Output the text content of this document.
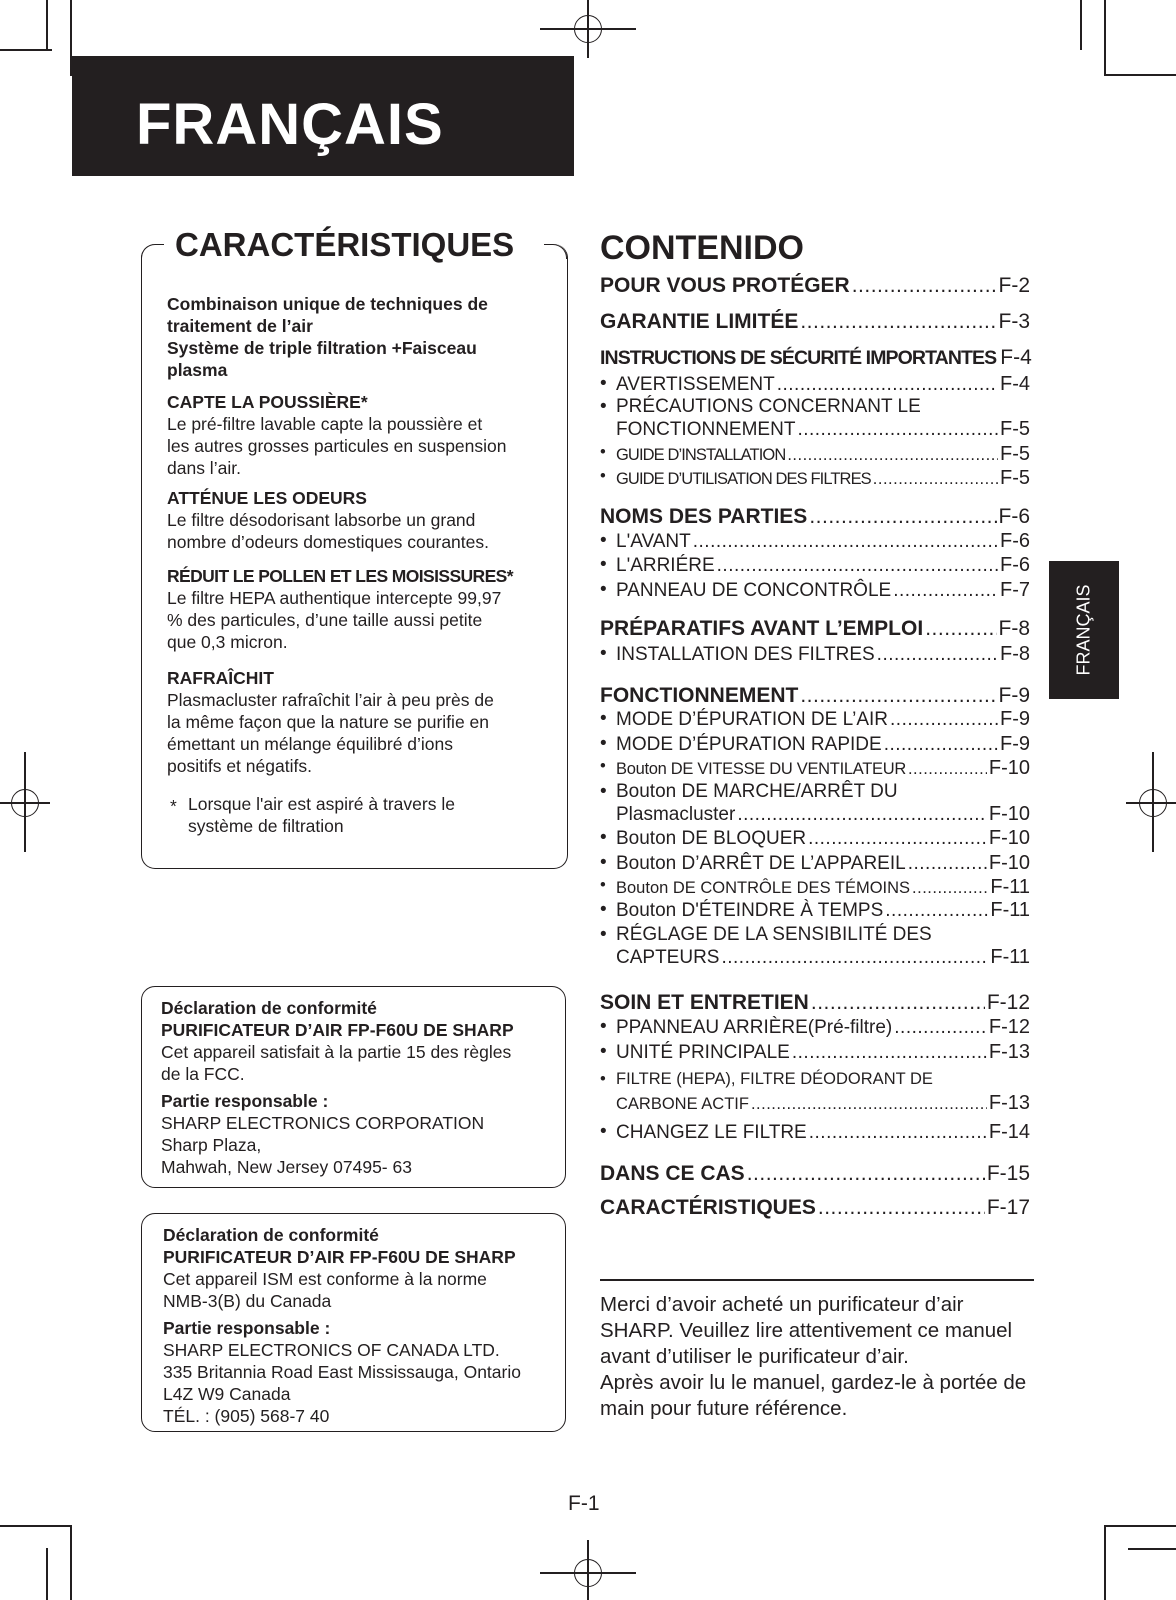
FRANÇAIS
FRANÇAIS
CARACTÉRISTIQUES
Combinaison unique de techniques de
traitement de l’air
Système de triple filtration +Faisceau
plasma
CAPTE LA POUSSIÈRE*
Le pré-filtre lavable capte la poussière et
les autres grosses particules en suspension
dans l’air.
ATTÉNUE LES ODEURS
Le filtre désodorisant labsorbe un grand
nombre d’odeurs domestiques courantes.
RÉDUIT LE POLLEN ET LES MOISISSURES*
Le filtre HEPA authentique intercepte 99,97
% des particules, d’une taille aussi petite
que 0,3 micron.
RAFRAÎCHIT
Plasmacluster rafraîchit l’air à peu près de
la même façon que la nature se purifie en
émettant un mélange équilibré d’ions
positifs et négatifs.
* Lorsque l'air est aspiré à travers le
système de filtration
Déclaration de conformité
PURIFICATEUR D’AIR FP-F60U DE SHARP
Cet appareil satisfait à la partie 15 des règles
de la FCC.
Partie responsable :
SHARP ELECTRONICS CORPORATION
Sharp Plaza,
Mahwah, New Jersey 07495- 63
Déclaration de conformité
PURIFICATEUR D’AIR FP-F60U DE SHARP
Cet appareil ISM est conforme à la norme
NMB-3(B) du Canada
Partie responsable :
SHARP ELECTRONICS OF CANADA LTD.
335 Britannia Road East Mississauga, Ontario
L4Z W9 Canada
TÉL. : (905) 568-7 40
CONTENIDO
POUR VOUS PROTÉGER .....	F-2
GARANTIE LIMITÉE .....	F-3
INSTRUCTIONS DE SÉCURITÉ IMPORTANTES F-4
• AVERTISSEMENT .....	F-4
• PRÉCAUTIONS CONCERNANT LE
FONCTIONNEMENT .....	F-5
• GUIDE D’INSTALLATION .....	F-5
• GUIDE D’UTILISATION DES FILTRES .....	F-5
NOMS DES PARTIES .....	F-6
• L'AVANT .....	F-6
• L'ARRIÉRE .....	F-6
• PANNEAU DE CONCONTRÔLE .....	F-7
PRÉPARATIFS AVANT L’EMPLOI .....	F-8
• INSTALLATION DES FILTRES .....	F-8
FONCTIONNEMENT .....	F-9
• MODE D’ÉPURATION DE L’AIR .....	F-9
• MODE D’ÉPURATION RAPIDE .....	F-9
• Bouton DE VITESSE DU VENTILATEUR .....	F-10
• Bouton DE MARCHE/ARRÊT DU
Plasmacluster .....	F-10
• Bouton DE BLOQUER .....	F-10
• Bouton D’ARRÊT DE L’APPAREIL .....	F-10
• Bouton DE CONTRÔLE DES TÉMOINS .....	F-11
• Bouton D'ÉTEINDRE À TEMPS .....	F-11
• RÉGLAGE DE LA SENSIBILITÉ DES
CAPTEURS .....	F-11
SOIN ET ENTRETIEN .....	F-12
• PPANNEAU ARRIÈRE(Pré-filtre) .....	F-12
• UNITÉ PRINCIPALE .....	F-13
• FILTRE (HEPA), FILTRE DÉODORANT DE
CARBONE ACTIF .....	F-13
• CHANGEZ LE FILTRE .....	F-14
DANS CE CAS .....	F-15
CARACTÉRISTIQUES .....	F-17
Merci d’avoir acheté un purificateur d’air
SHARP. Veuillez lire attentivement ce manuel
avant d’utiliser le purificateur d’air.
Après avoir lu le manuel, gardez-le à portée de
main pour future référence.
F-1
